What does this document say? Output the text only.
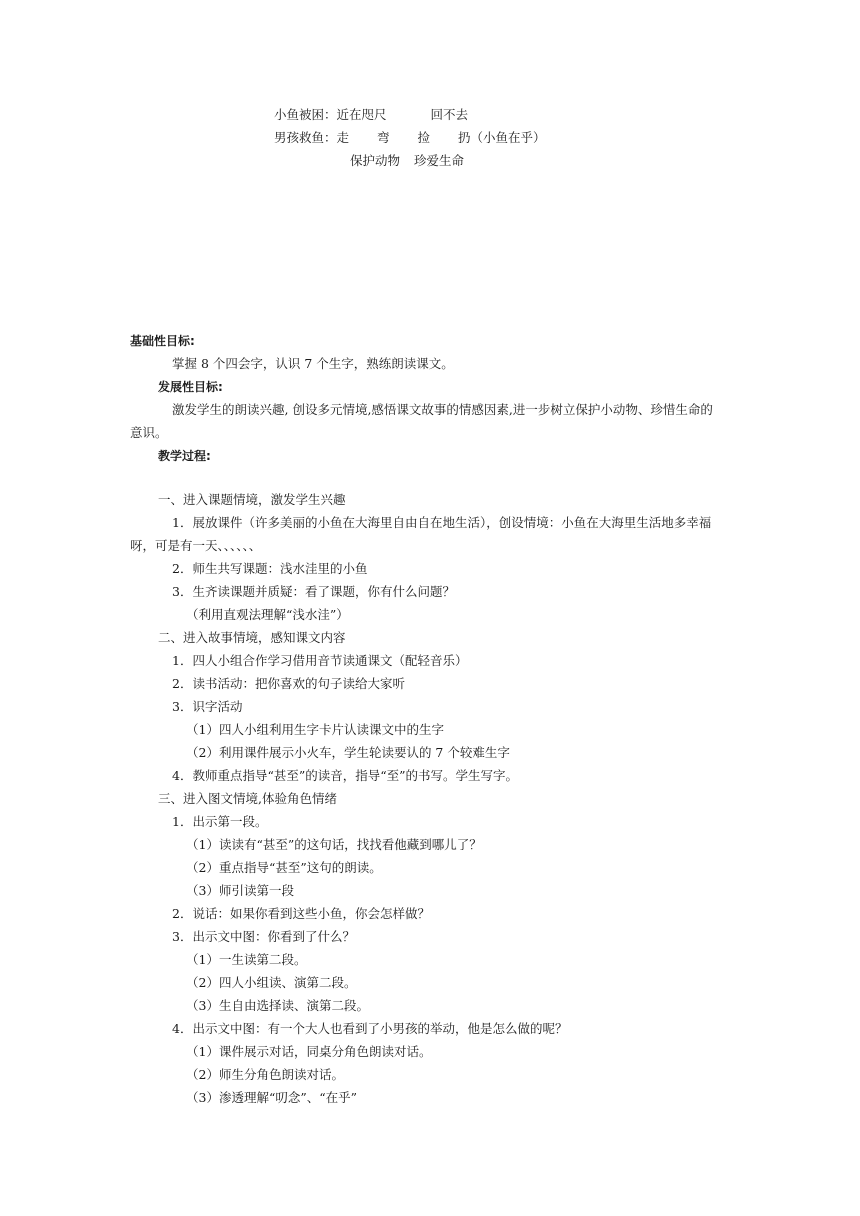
小鱼被困：近在咫尺	回不去
男孩救鱼：走 弯 捡 扔（小鱼在乎）
保护动物 珍爱生命
基础性目标:
掌握 8 个四会字，认识 7 个生字，熟练朗读课文。
发展性目标:
激发学生的朗读兴趣, 创设多元情境,感悟课文故事的情感因素,进一步树立保护小动物、珍惜生命的
意识。
教学过程:
一、进入课题情境，激发学生兴趣
1．展放课件（许多美丽的小鱼在大海里自由自在地生活），创设情境：小鱼在大海里生活地多幸福
呀，可是有一天、、、、、、
2．师生共写课题：浅水洼里的小鱼
3．生齐读课题并质疑：看了课题，你有什么问题？
（利用直观法理解“浅水洼”）
二、进入故事情境，感知课文内容
1．四人小组合作学习借用音节读通课文（配轻音乐）
2．读书活动：把你喜欢的句子读给大家听
3．识字活动
（1）四人小组利用生字卡片认读课文中的生字
（2）利用课件展示小火车，学生轮读要认的 7 个较难生字
4．教师重点指导“甚至”的读音，指导“至”的书写。学生写字。
三、进入图文情境,体验角色情绪
1．出示第一段。
（1）读读有“甚至”的这句话，找找看他藏到哪儿了？
（2）重点指导“甚至”这句的朗读。
（3）师引读第一段
2．说话：如果你看到这些小鱼，你会怎样做？
3．出示文中图：你看到了什么？
（1）一生读第二段。
（2）四人小组读、演第二段。
（3）生自由选择读、演第二段。
4．出示文中图：有一个大人也看到了小男孩的举动，他是怎么做的呢？
（1）课件展示对话，同桌分角色朗读对话。
（2）师生分角色朗读对话。
（3）渗透理解“叨念”、“在乎”
